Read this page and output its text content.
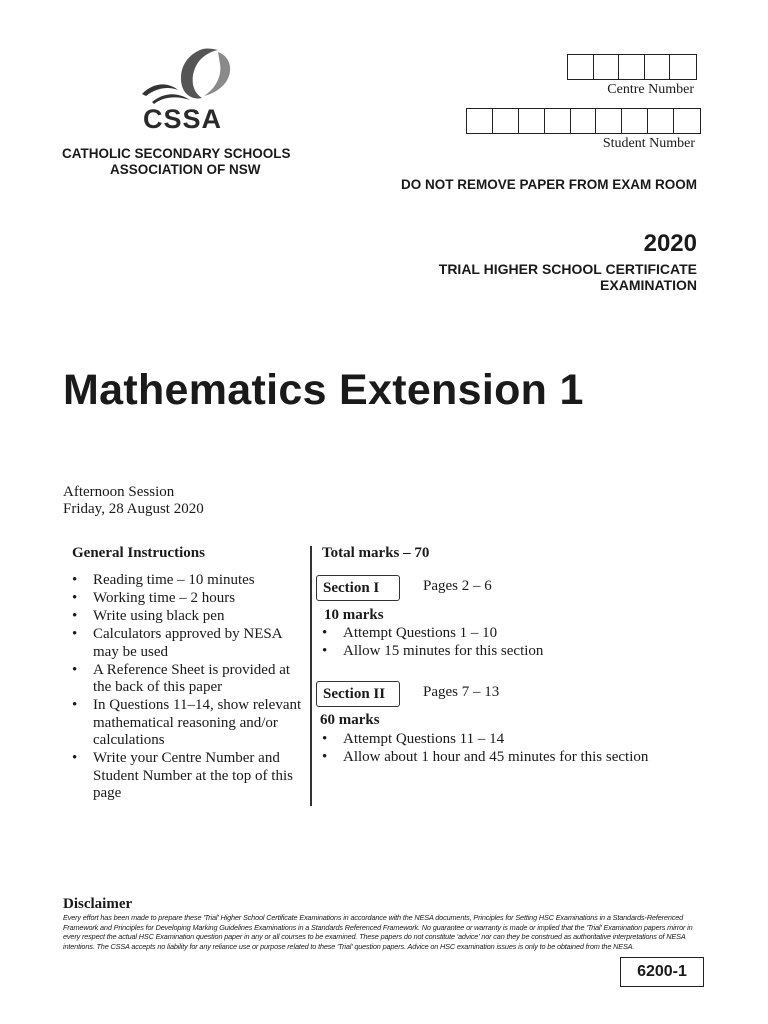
CSSA
CATHOLIC SECONDARY SCHOOLS
ASSOCIATION OF NSW
Centre Number
Student Number
DO NOT REMOVE PAPER FROM EXAM ROOM
2020
TRIAL HIGHER SCHOOL CERTIFICATE
EXAMINATION
Mathematics Extension 1
Afternoon Session
Friday, 28 August 2020
General Instructions
• Reading time – 10 minutes
• Working time – 2 hours
• Write using black pen
• Calculators approved by NESA may be used
• A Reference Sheet is provided at the back of this paper
• In Questions 11–14, show relevant mathematical reasoning and/or calculations
• Write your Centre Number and Student Number at the top of this page
Total marks – 70
Section I	Pages 2 – 6
10 marks
• Attempt Questions 1 – 10
• Allow 15 minutes for this section
Section II	Pages 7 – 13
60 marks
• Attempt Questions 11 – 14
• Allow about 1 hour and 45 minutes for this section
Disclaimer
Every effort has been made to prepare these 'Trial' Higher School Certificate Examinations in accordance with the NESA documents, Principles for Setting HSC Examinations in a Standards-Referenced Framework and Principles for Developing Marking Guidelines Examinations in a Standards Referenced Framework. No guarantee or warranty is made or implied that the 'Trial' Examination papers mirror in every respect the actual HSC Examination question paper in any or all courses to be examined. These papers do not constitute 'advice' nor can they be construed as authoritative interpretations of NESA intentions. The CSSA accepts no liability for any reliance use or purpose related to these 'Trial' question papers. Advice on HSC examination issues is only to be obtained from the NESA.
6200-1
